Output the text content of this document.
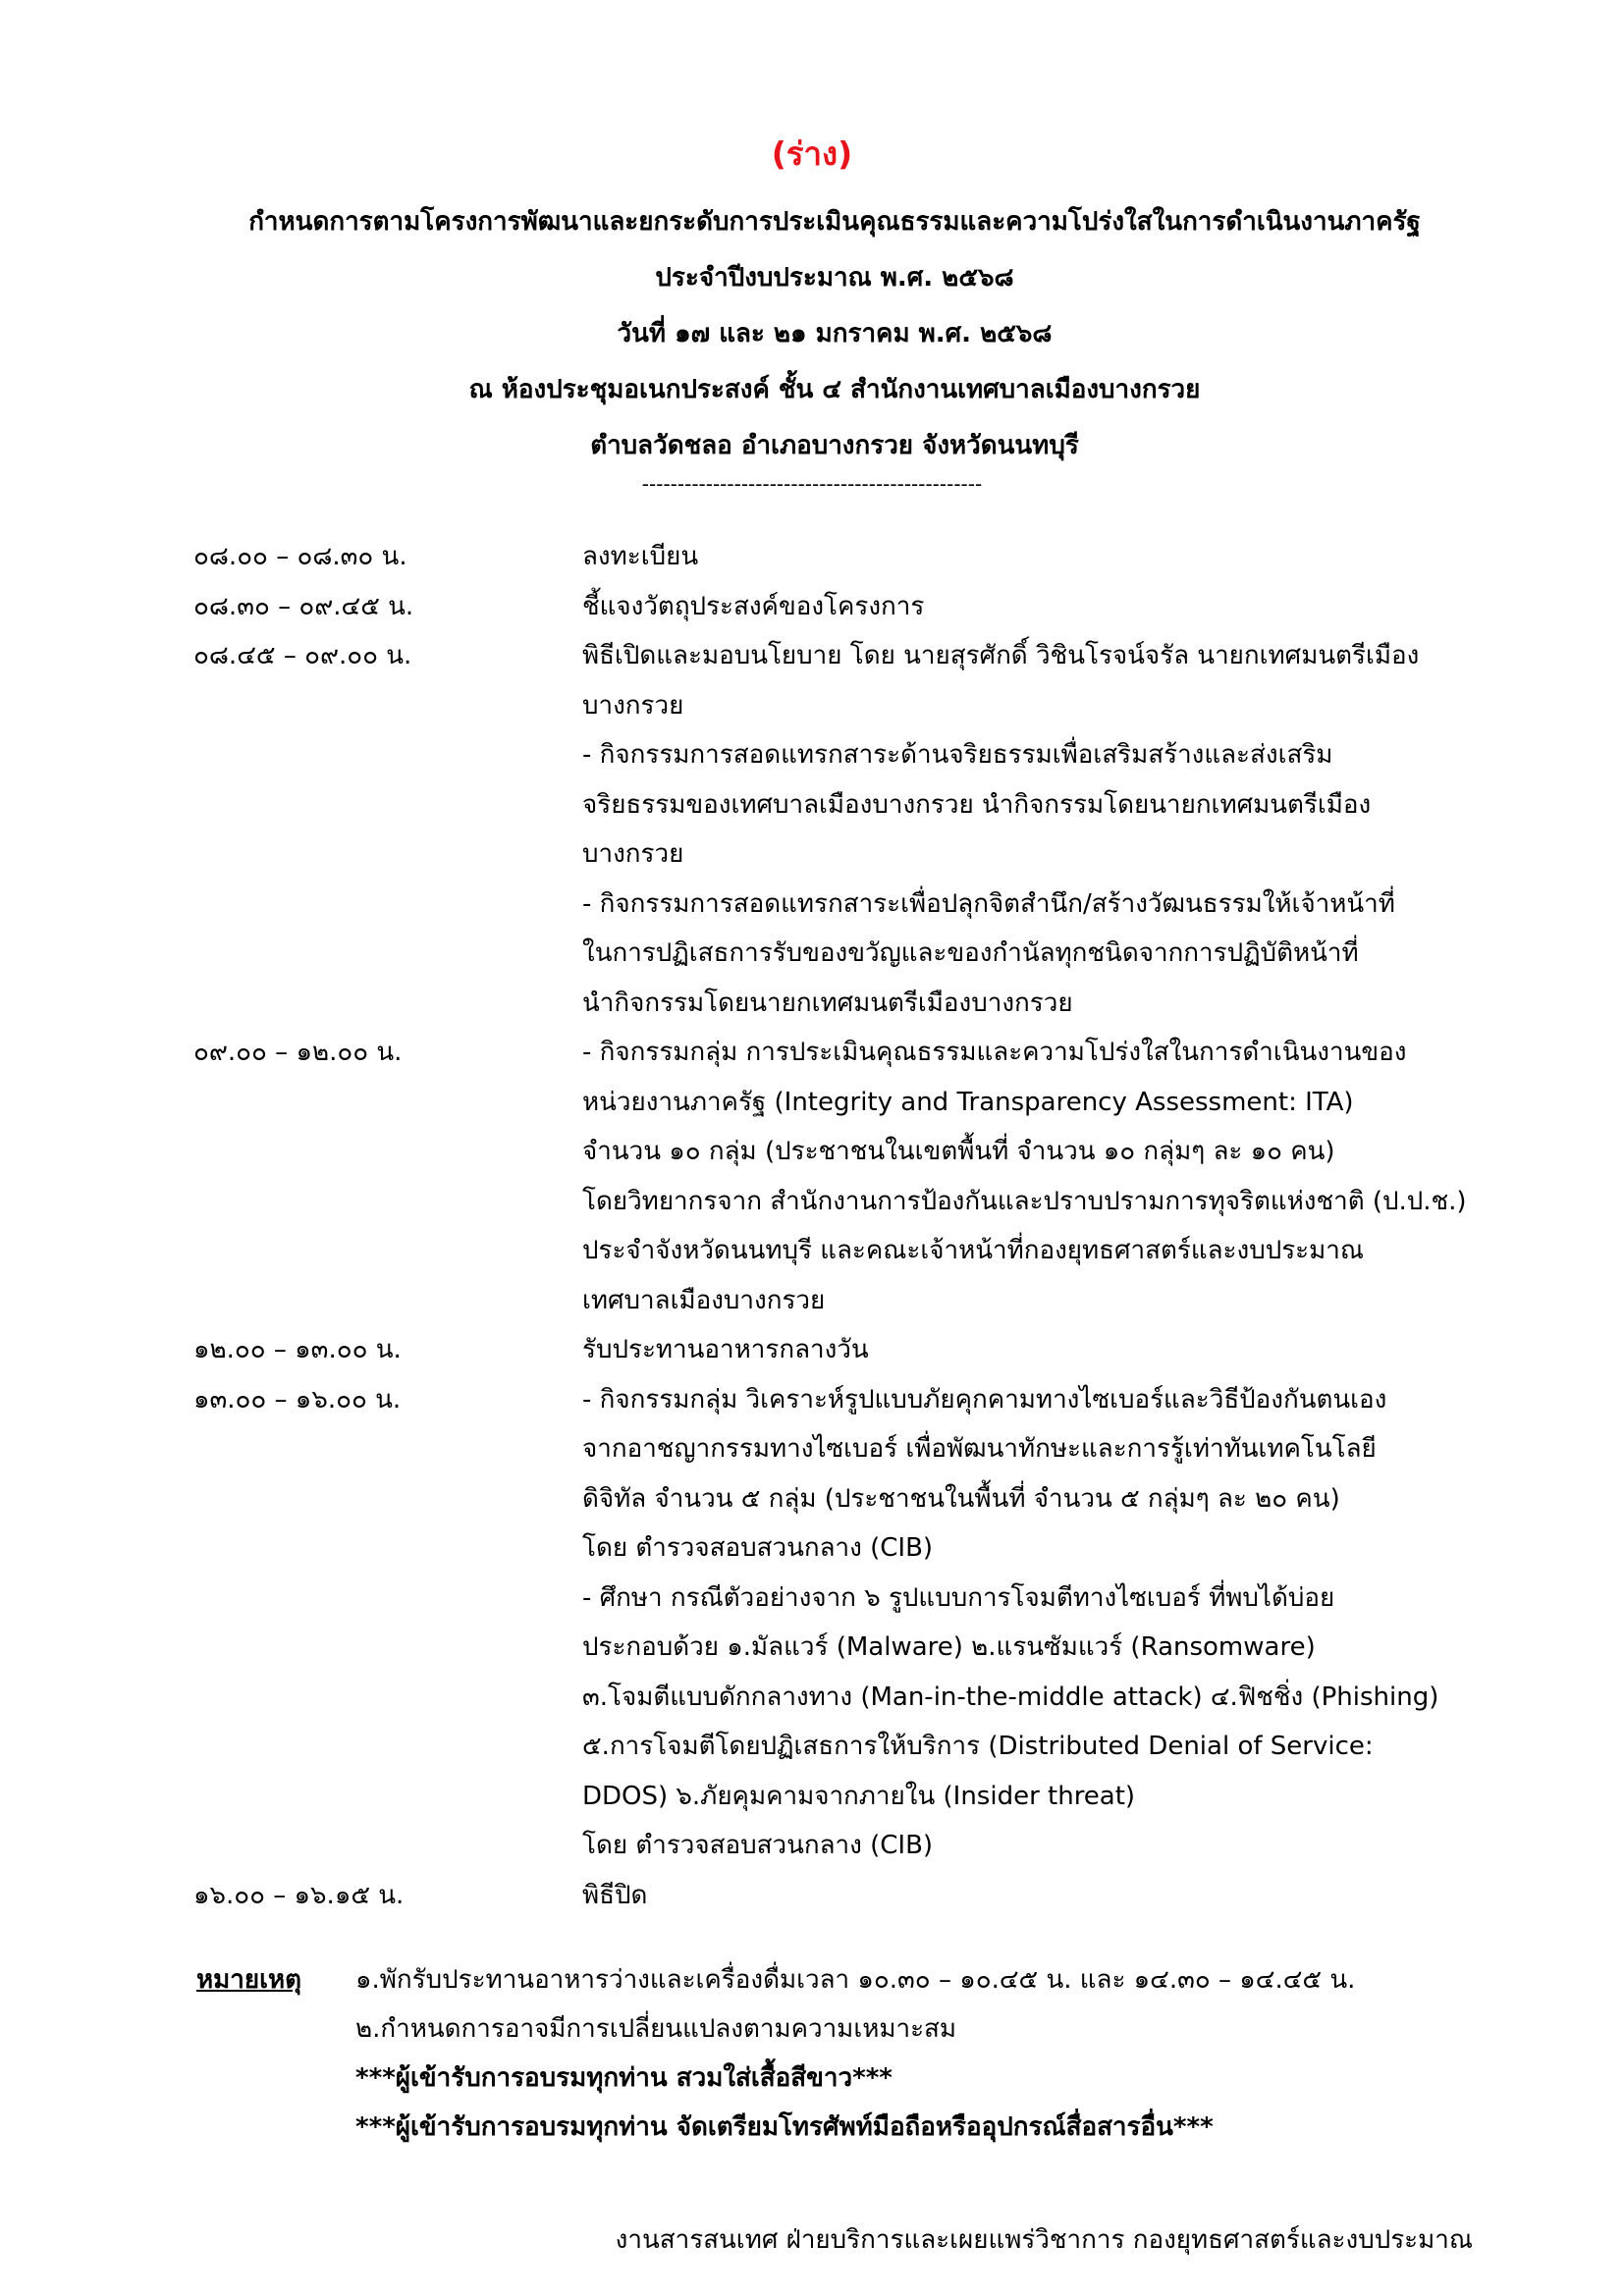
(ร่าง)
กำหนดการตามโครงการพัฒนาและยกระดับการประเมินคุณธรรมและความโปร่งใสในการดำเนินงานภาครัฐ
ประจำปีงบประมาณ พ.ศ. ๒๕๖๘
วันที่ ๑๗ และ ๒๑ มกราคม พ.ศ. ๒๕๖๘
ณ ห้องประชุมอเนกประสงค์ ชั้น ๔ สำนักงานเทศบาลเมืองบางกรวย
ตำบลวัดชลอ อำเภอบางกรวย จังหวัดนนทบุรี
------------------------------------------------
๐๘.๐๐ – ๐๘.๓๐ น.	ลงทะเบียน
๐๘.๓๐ – ๐๙.๔๕ น.	ชี้แจงวัตถุประสงค์ของโครงการ
๐๘.๔๕ – ๐๙.๐๐ น.	พิธีเปิดและมอบนโยบาย โดย นายสุรศักดิ์ วิชินโรจน์จรัล นายกเทศมนตรีเมือง
บางกรวย
- กิจกรรมการสอดแทรกสาระด้านจริยธรรมเพื่อเสริมสร้างและส่งเสริม
จริยธรรมของเทศบาลเมืองบางกรวย นำกิจกรรมโดยนายกเทศมนตรีเมือง
บางกรวย
- กิจกรรมการสอดแทรกสาระเพื่อปลุกจิตสำนึก/สร้างวัฒนธรรมให้เจ้าหน้าที่
ในการปฏิเสธการรับของขวัญและของกำนัลทุกชนิดจากการปฏิบัติหน้าที่
นำกิจกรรมโดยนายกเทศมนตรีเมืองบางกรวย
๐๙.๐๐ – ๑๒.๐๐ น.	- กิจกรรมกลุ่ม การประเมินคุณธรรมและความโปร่งใสในการดำเนินงานของ
หน่วยงานภาครัฐ (Integrity and Transparency Assessment: ITA)
จำนวน ๑๐ กลุ่ม (ประชาชนในเขตพื้นที่ จำนวน ๑๐ กลุ่มๆ ละ ๑๐ คน)
โดยวิทยากรจาก สำนักงานการป้องกันและปราบปรามการทุจริตแห่งชาติ (ป.ป.ช.)
ประจำจังหวัดนนทบุรี และคณะเจ้าหน้าที่กองยุทธศาสตร์และงบประมาณ
เทศบาลเมืองบางกรวย
๑๒.๐๐ – ๑๓.๐๐ น.	รับประทานอาหารกลางวัน
๑๓.๐๐ – ๑๖.๐๐ น.	- กิจกรรมกลุ่ม วิเคราะห์รูปแบบภัยคุกคามทางไซเบอร์และวิธีป้องกันตนเอง
จากอาชญากรรมทางไซเบอร์ เพื่อพัฒนาทักษะและการรู้เท่าทันเทคโนโลยี
ดิจิทัล จำนวน ๕ กลุ่ม (ประชาชนในพื้นที่ จำนวน ๕ กลุ่มๆ ละ ๒๐ คน)
โดย ตำรวจสอบสวนกลาง (CIB)
- ศึกษา กรณีตัวอย่างจาก ๖ รูปแบบการโจมตีทางไซเบอร์ ที่พบได้บ่อย
ประกอบด้วย ๑.มัลแวร์ (Malware) ๒.แรนซัมแวร์ (Ransomware)
๓.โจมตีแบบดักกลางทาง (Man-in-the-middle attack) ๔.ฟิชชิ่ง (Phishing)
๕.การโจมตีโดยปฏิเสธการให้บริการ (Distributed Denial of Service:
DDOS) ๖.ภัยคุมคามจากภายใน (Insider threat)
โดย ตำรวจสอบสวนกลาง (CIB)
๑๖.๐๐ – ๑๖.๑๕ น.	พิธีปิด
หมายเหตุ ๑.พักรับประทานอาหารว่างและเครื่องดื่มเวลา ๑๐.๓๐ – ๑๐.๔๕ น. และ ๑๔.๓๐ – ๑๔.๔๕ น.
๒.กำหนดการอาจมีการเปลี่ยนแปลงตามความเหมาะสม
***ผู้เข้ารับการอบรมทุกท่าน สวมใส่เสื้อสีขาว***
***ผู้เข้ารับการอบรมทุกท่าน จัดเตรียมโทรศัพท์มือถือหรืออุปกรณ์สื่อสารอื่น***
งานสารสนเทศ ฝ่ายบริการและเผยแพร่วิชาการ กองยุทธศาสตร์และงบประมาณ
